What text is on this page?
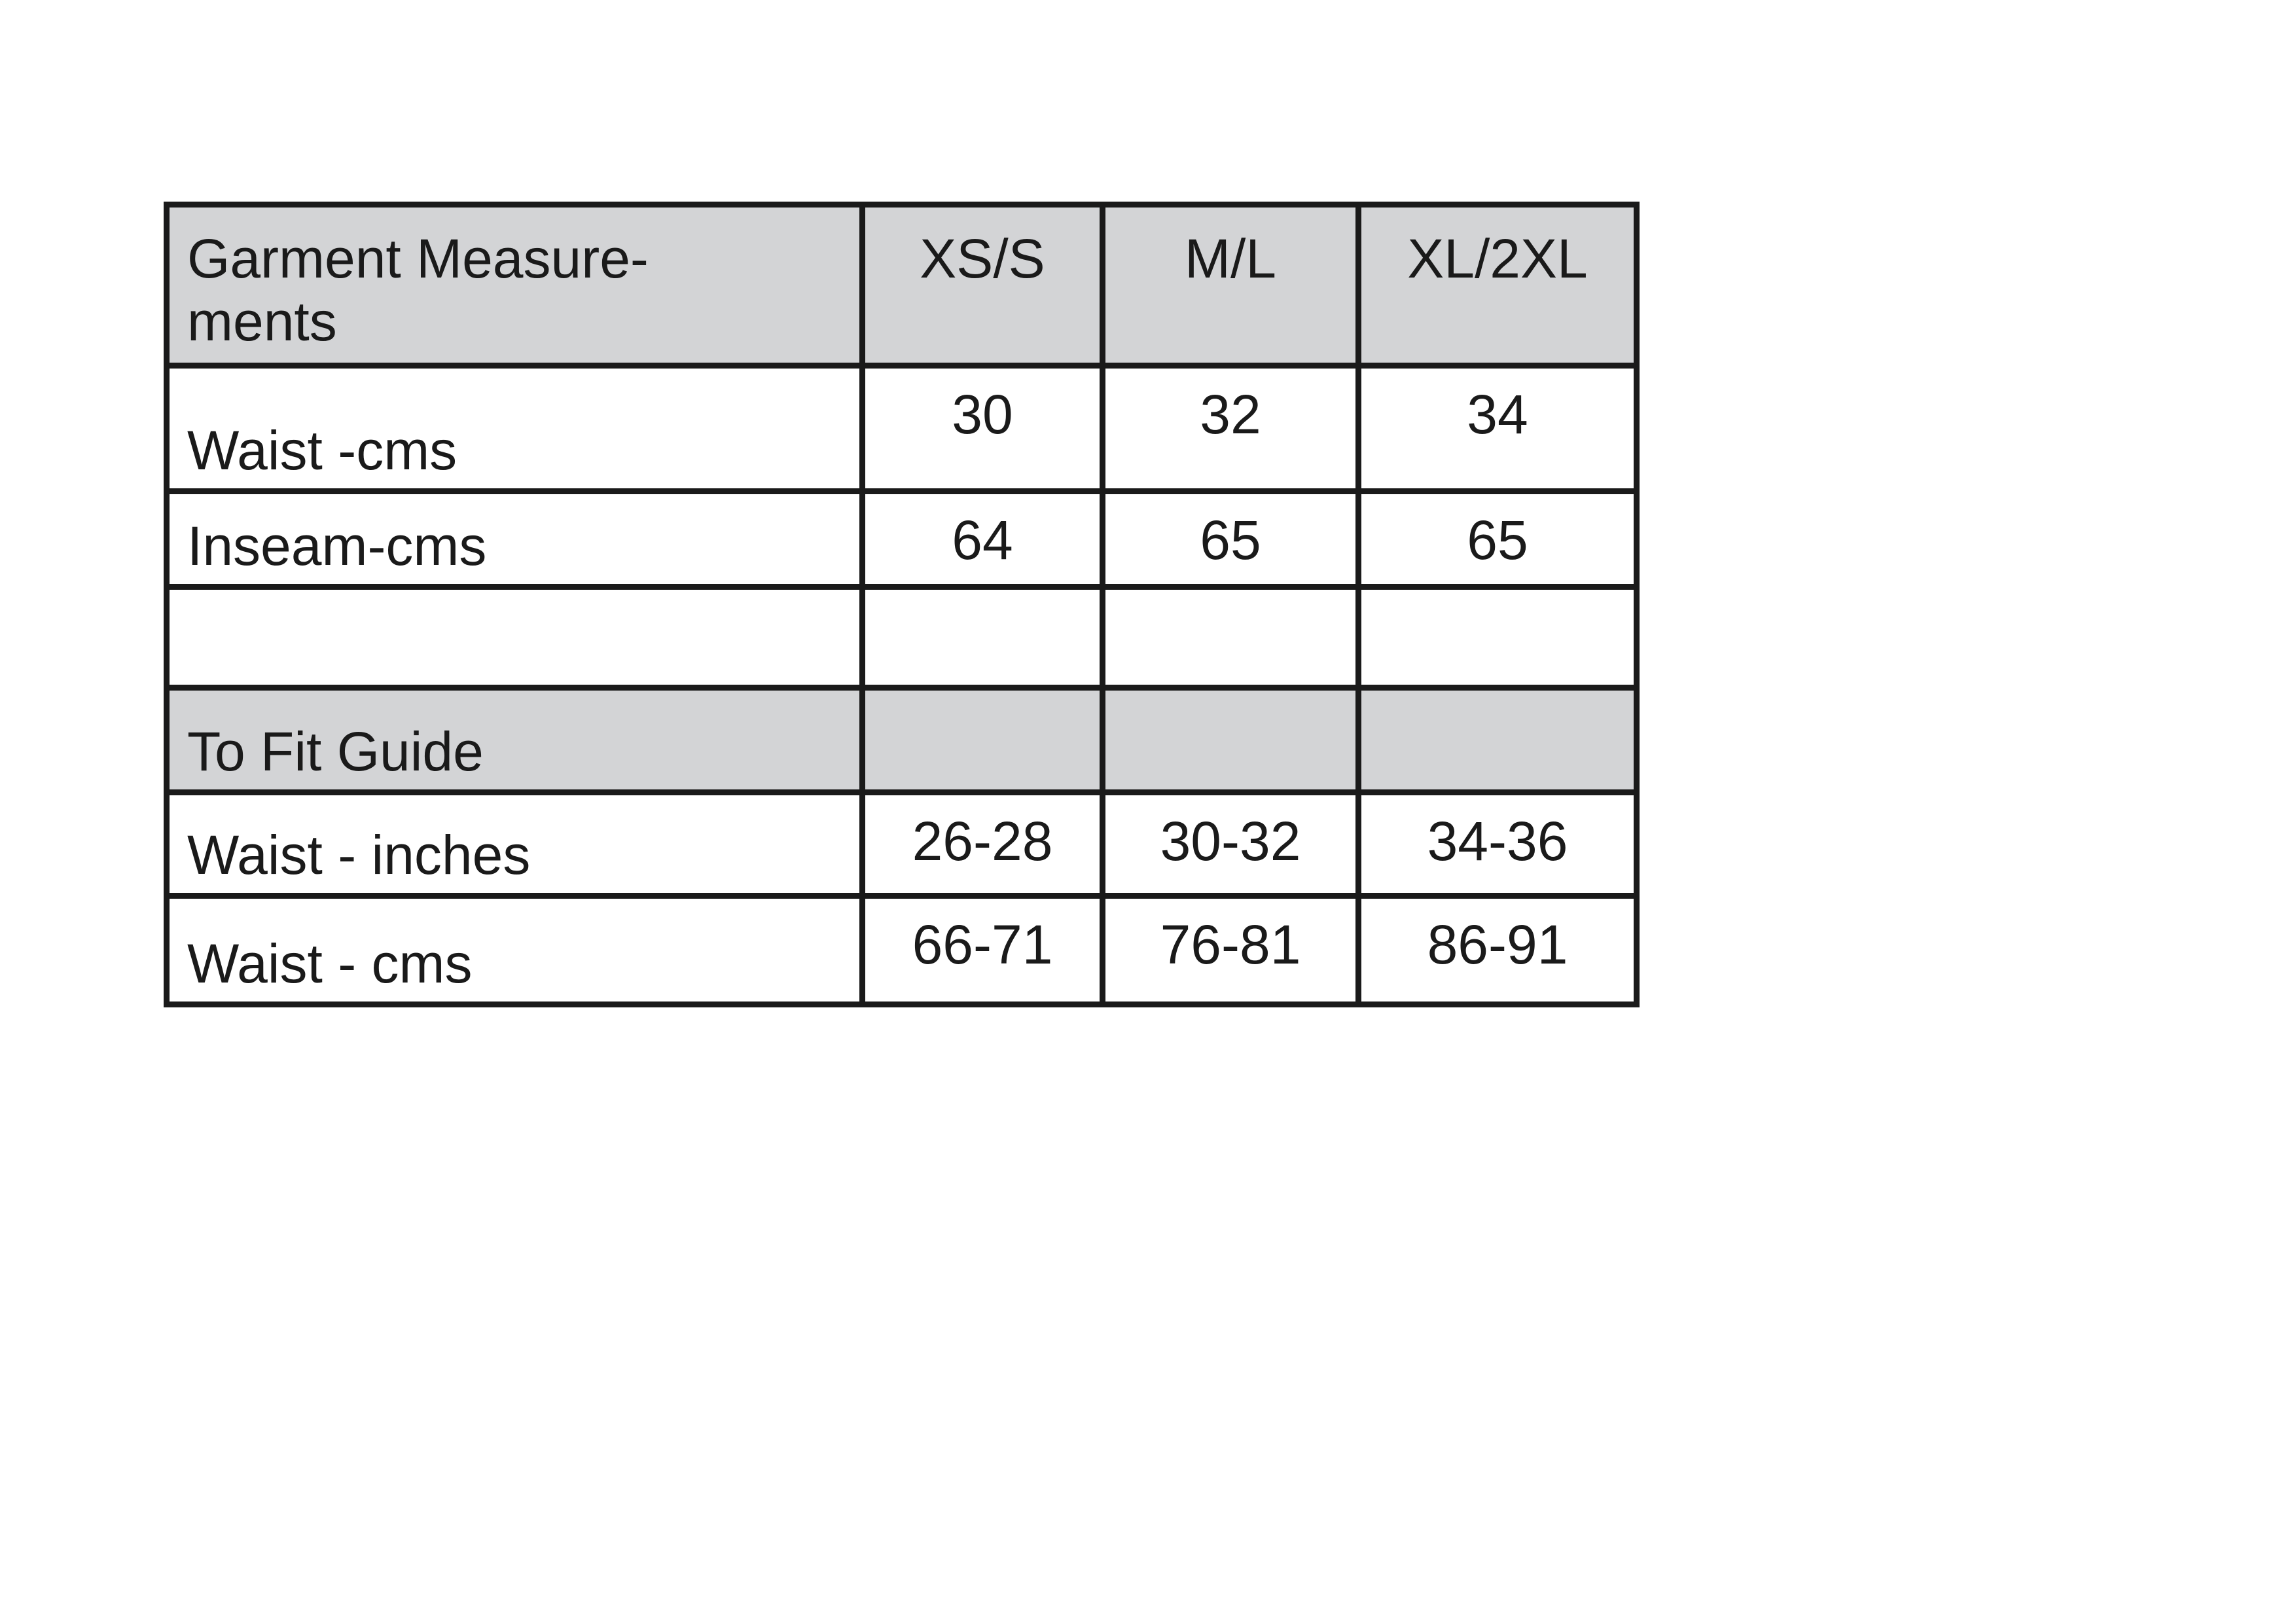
Garment Measure-
ments	XS/S	M/L	XL/2XL
Waist -cms	30	32	34
Inseam-cms	64	65	65

To Fit Guide			
Waist - inches	26-28	30-32	34-36
Waist - cms	66-71	76-81	86-91
